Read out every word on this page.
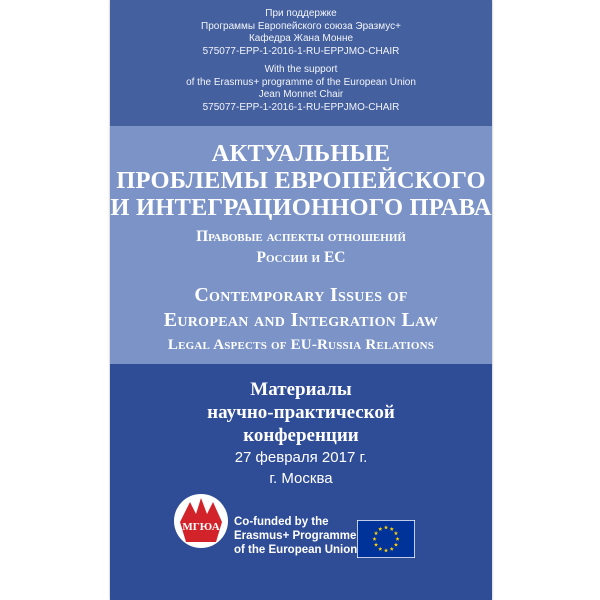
При поддержке
Программы Европейского союза Эразмус+
Кафедра Жана Монне
575077-EPP-1-2016-1-RU-EPPJMO-CHAIR
With the support
of the Erasmus+ programme of the European Union
Jean Monnet Chair
575077-EPP-1-2016-1-RU-EPPJMO-CHAIR
АКТУАЛЬНЫЕ
ПРОБЛЕМЫ ЕВРОПЕЙСКОГО
И ИНТЕГРАЦИОННОГО ПРАВА
Правовые аспекты отношений
России и ЕС
Contemporary Issues of
European and Integration Law
Legal Aspects of EU-Russia Relations
Материалы
научно-практической
конференции
27 февраля 2017 г.
г. Москва
МГЮА Co-funded by the
Erasmus+ Programme
of the European Union
